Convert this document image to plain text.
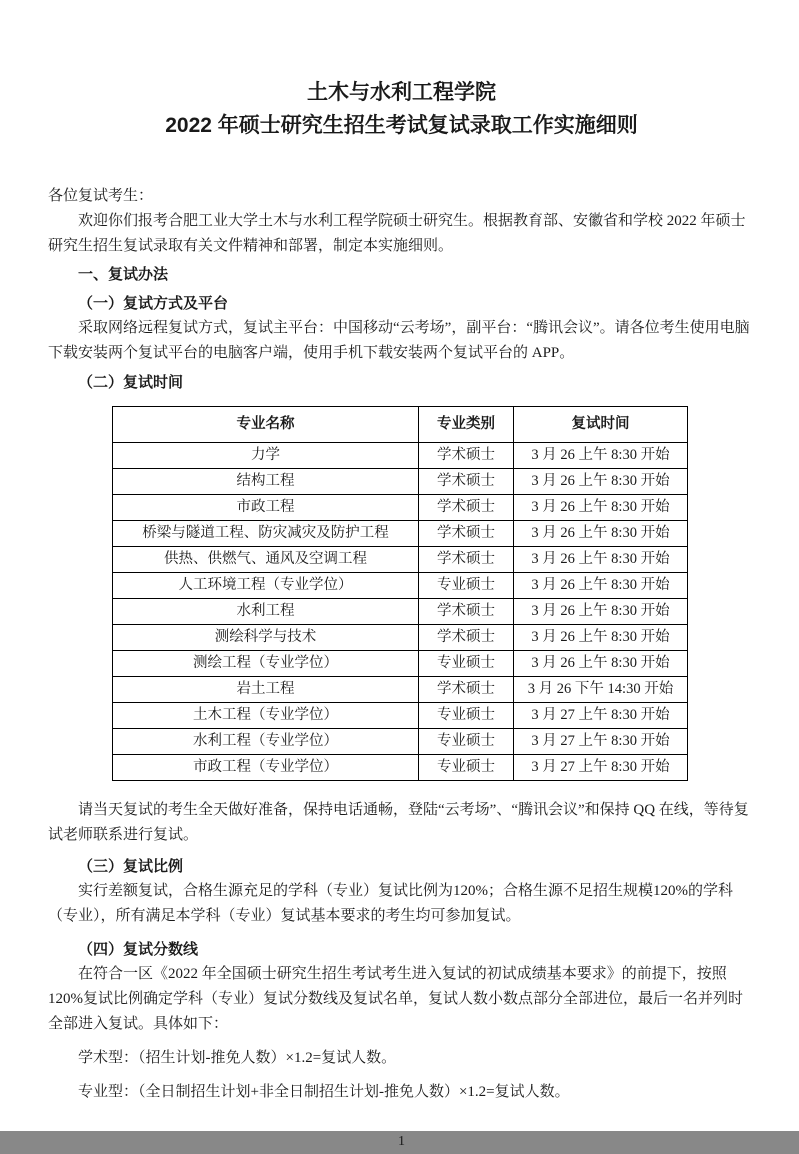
土木与水利工程学院
2022 年硕士研究生招生考试复试录取工作实施细则
各位复试考生：

欢迎你们报考合肥工业大学土木与水利工程学院硕士研究生。根据教育部、安徽省和学校 2022 年硕士研究生招生复试录取有关文件精神和部署，制定本实施细则。

一、复试办法
（一）复试方式及平台

采取网络远程复试方式，复试主平台：中国移动“云考场”，副平台：“腾讯会议”。请各位考生使用电脑下载安装两个复试平台的电脑客户端，使用手机下载安装两个复试平台的 APP。

（二）复试时间
专业名称	专业类别	复试时间
力学	学术硕士	3 月 26 上午 8:30 开始
结构工程	学术硕士	3 月 26 上午 8:30 开始
市政工程	学术硕士	3 月 26 上午 8:30 开始
桥梁与隧道工程、防灾减灾及防护工程	学术硕士	3 月 26 上午 8:30 开始
供热、供燃气、通风及空调工程	学术硕士	3 月 26 上午 8:30 开始
人工环境工程（专业学位）	专业硕士	3 月 26 上午 8:30 开始
水利工程	学术硕士	3 月 26 上午 8:30 开始
测绘科学与技术	学术硕士	3 月 26 上午 8:30 开始
测绘工程（专业学位）	专业硕士	3 月 26 上午 8:30 开始
岩土工程	学术硕士	3 月 26 下午 14:30 开始
土木工程（专业学位）	专业硕士	3 月 27 上午 8:30 开始
水利工程（专业学位）	专业硕士	3 月 27 上午 8:30 开始
市政工程（专业学位）	专业硕士	3 月 27 上午 8:30 开始

请当天复试的考生全天做好准备，保持电话通畅，登陆“云考场”、“腾讯会议”和保持 QQ 在线，等待复试老师联系进行复试。

（三）复试比例

实行差额复试，合格生源充足的学科（专业）复试比例为120%；合格生源不足招生规模120%的学科（专业），所有满足本学科（专业）复试基本要求的考生均可参加复试。

（四）复试分数线

在符合一区《2022 年全国硕士研究生招生考试考生进入复试的初试成绩基本要求》的前提下，按照120%复试比例确定学科（专业）复试分数线及复试名单，复试人数小数点部分全部进位，最后一名并列时全部进入复试。具体如下：

学术型：（招生计划-推免人数）×1.2=复试人数。

专业型：（全日制招生计划+非全日制招生计划-推免人数）×1.2=复试人数。

1
